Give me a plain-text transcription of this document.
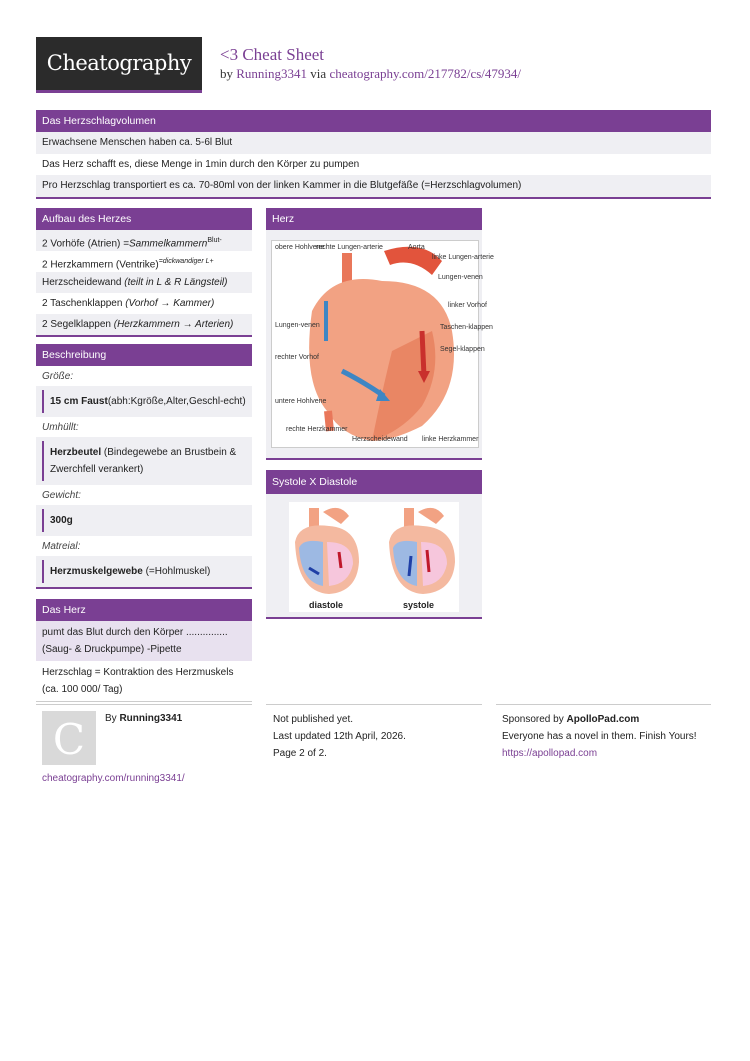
Cheatography	<3 Cheat Sheet
by Running3341 via cheatography.com/217782/cs/47934/
Das Herzschlagvolumen
Erwachsene Menschen haben ca. 5-6l Blut
Das Herz schafft es, diese Menge in 1min durch den Körper zu pumpen
Pro Herzschlag transportiert es ca. 70-80ml von der linken Kammer in die Blutgefäße (=Herzschlagvolumen)
Aufbau des Herzes
2 Vorhöfe (Atrien) =Sammelkammern$^{Blut-}$
2 Herzkammern (Ventrike)$^{=dickwandiger L+}$
Herzscheidewand (teilt in L & R Längsteil)
2 Taschenklappen (Vorhof → Kammer)
2 Segelklappen (Herzkammern → Arterien)
Beschreibung
Größe:
15 cm Faust(abh:Kgröße,Alter,Geschl-echt)
Umhüllt:
Herzbeutel (Bindegewebe an Brustbein & Zwerchfell verankert)
Gewicht:
300g
Matreial:
Herzmuskelgewebe (=Hohlmuskel)
Das Herz
pumt das Blut durch den Körper ............... (Saug- & Druckpumpe) -Pipette
Herzschlag = Kontraktion des Herzmuskels (ca. 100 000/ Tag)
Herz
obere Hohlvene
rechte Lungen-arterie	Aorta
linke Lungen-arterie
Lungen-venen
Lungen-venen
linker Vorhof
Taschen-klappen
Segel-klappen
rechter Vorhof
untere Hohlvene
rechte Herzkammer
Herzscheidewand linke Herzkammer
Systole X Diastole
diastole	systole
C	By Running3341
cheatography.com/running3341/
Not published yet.
Last updated 12th April, 2026.
Page 2 of 2.
Sponsored by ApolloPad.com
Everyone has a novel in them. Finish Yours!
https://apollopad.com
